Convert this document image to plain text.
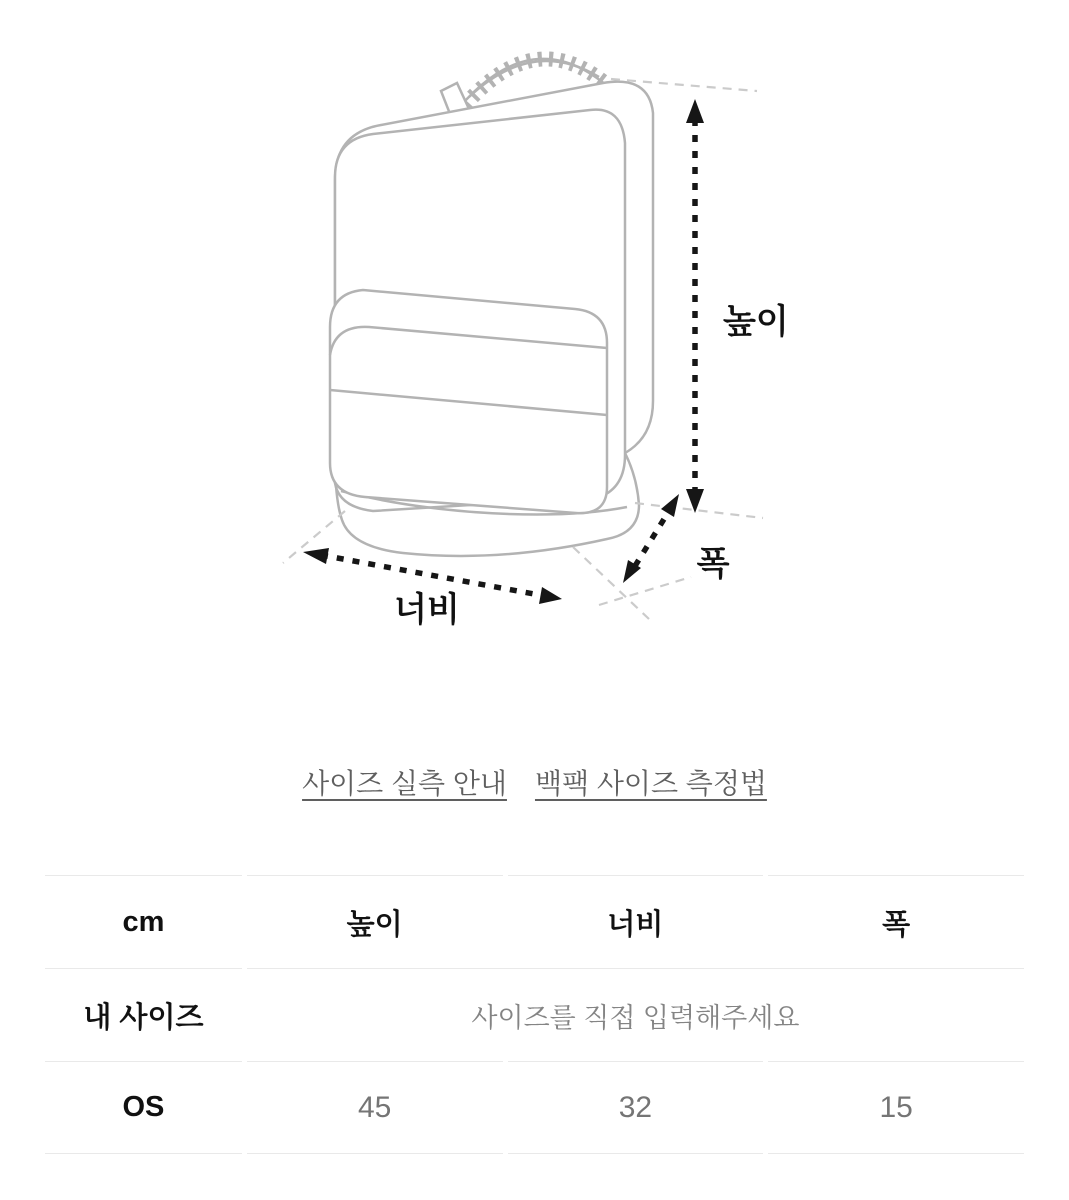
높이
너비
폭
사이즈 실측 안내 백팩 사이즈 측정법
cm	높이	너비	폭
내 사이즈	사이즈를 직접 입력해주세요		
OS	45	32	15
